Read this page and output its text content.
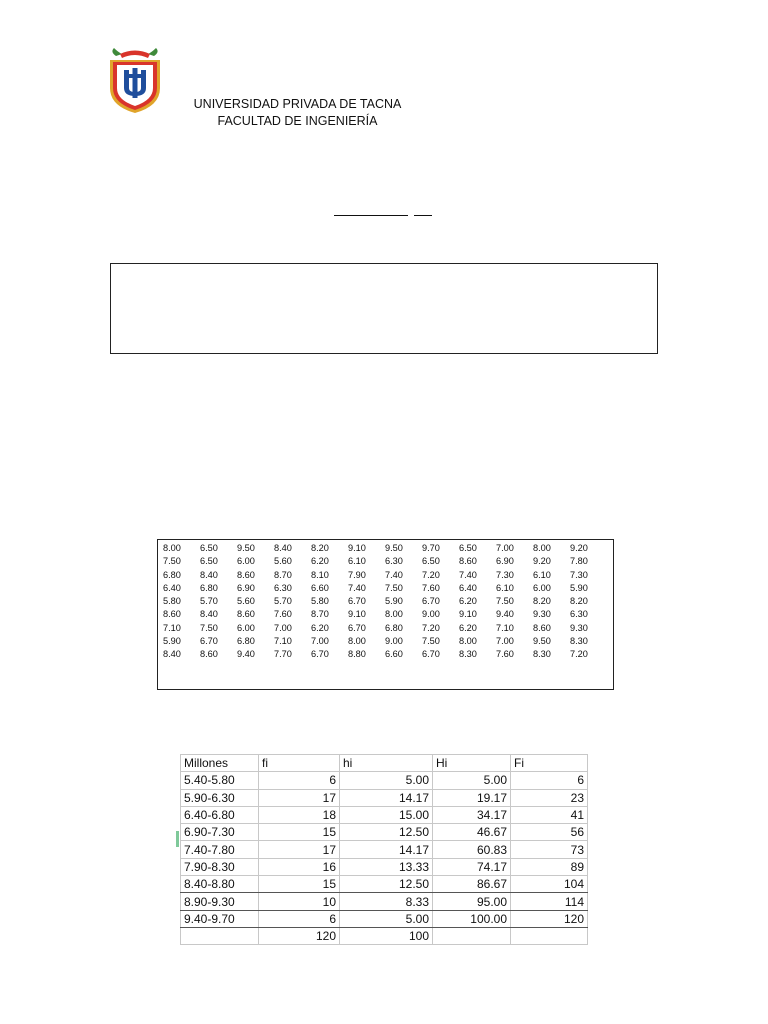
UNIVERSIDAD PRIVADA DE TACNA
FACULTAD DE INGENIERÍA
8.00	6.50	9.50	8.40	8.20	9.10	9.50	9.70	6.50	7.00	8.00	9.20
7.50	6.50	6.00	5.60	6.20	6.10	6.30	6.50	8.60	6.90	9.20	7.80
6.80	8.40	8.60	8.70	8.10	7.90	7.40	7.20	7.40	7.30	6.10	7.30
6.40	6.80	6.90	6.30	6.60	7.40	7.50	7.60	6.40	6.10	6.00	5.90
5.80	5.70	5.60	5.70	5.80	6.70	5.90	6.70	6.20	7.50	8.20	8.20
8.60	8.40	8.60	7.60	8.70	9.10	8.00	9.00	9.10	9.40	9.30	6.30
7.10	7.50	6.00	7.00	6.20	6.70	6.80	7.20	6.20	7.10	8.60	9.30
5.90	6.70	6.80	7.10	7.00	8.00	9.00	7.50	8.00	7.00	9.50	8.30
8.40	8.60	9.40	7.70	6.70	8.80	6.60	6.70	8.30	7.60	8.30	7.20
Millones	fi	hi	Hi	Fi
5.40-5.80	6	5.00	5.00	6
5.90-6.30	17	14.17	19.17	23
6.40-6.80	18	15.00	34.17	41
6.90-7.30	15	12.50	46.67	56
7.40-7.80	17	14.17	60.83	73
7.90-8.30	16	13.33	74.17	89
8.40-8.80	15	12.50	86.67	104
8.90-9.30	10	8.33	95.00	114
9.40-9.70	6	5.00	100.00	120
	120	100		
